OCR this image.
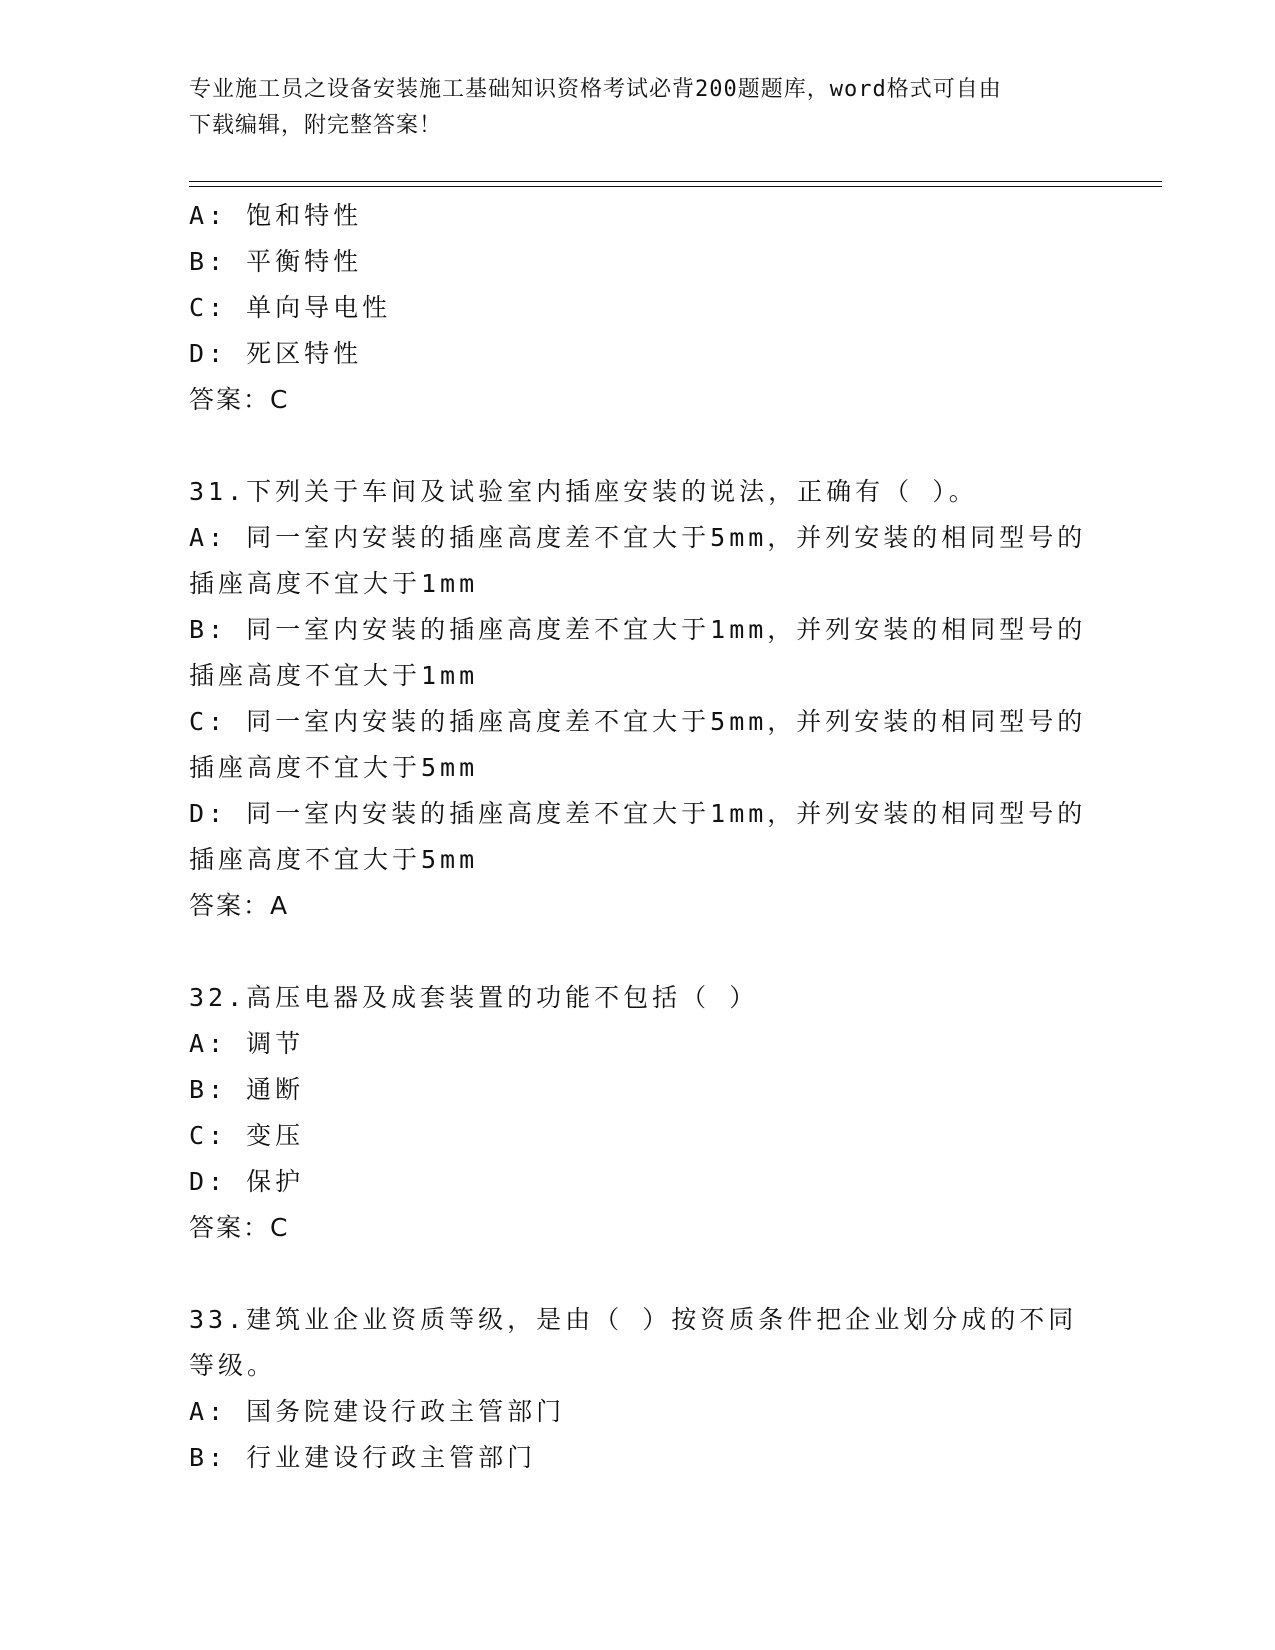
专业施工员之设备安装施工基础知识资格考试必背200题题库，word格式可自由
下载编辑，附完整答案！
A: 饱和特性
B: 平衡特性
C: 单向导电性
D: 死区特性
答案：C
31.下列关于车间及试验室内插座安装的说法，正确有（ ）。
A: 同一室内安装的插座高度差不宜大于5mm，并列安装的相同型号的
插座高度不宜大于1mm
B: 同一室内安装的插座高度差不宜大于1mm，并列安装的相同型号的
插座高度不宜大于1mm
C: 同一室内安装的插座高度差不宜大于5mm，并列安装的相同型号的
插座高度不宜大于5mm
D: 同一室内安装的插座高度差不宜大于1mm，并列安装的相同型号的
插座高度不宜大于5mm
答案：A
32.高压电器及成套装置的功能不包括（ ）
A: 调节
B: 通断
C: 变压
D: 保护
答案：C
33.建筑业企业资质等级，是由（ ）按资质条件把企业划分成的不同
等级。
A: 国务院建设行政主管部门
B: 行业建设行政主管部门
